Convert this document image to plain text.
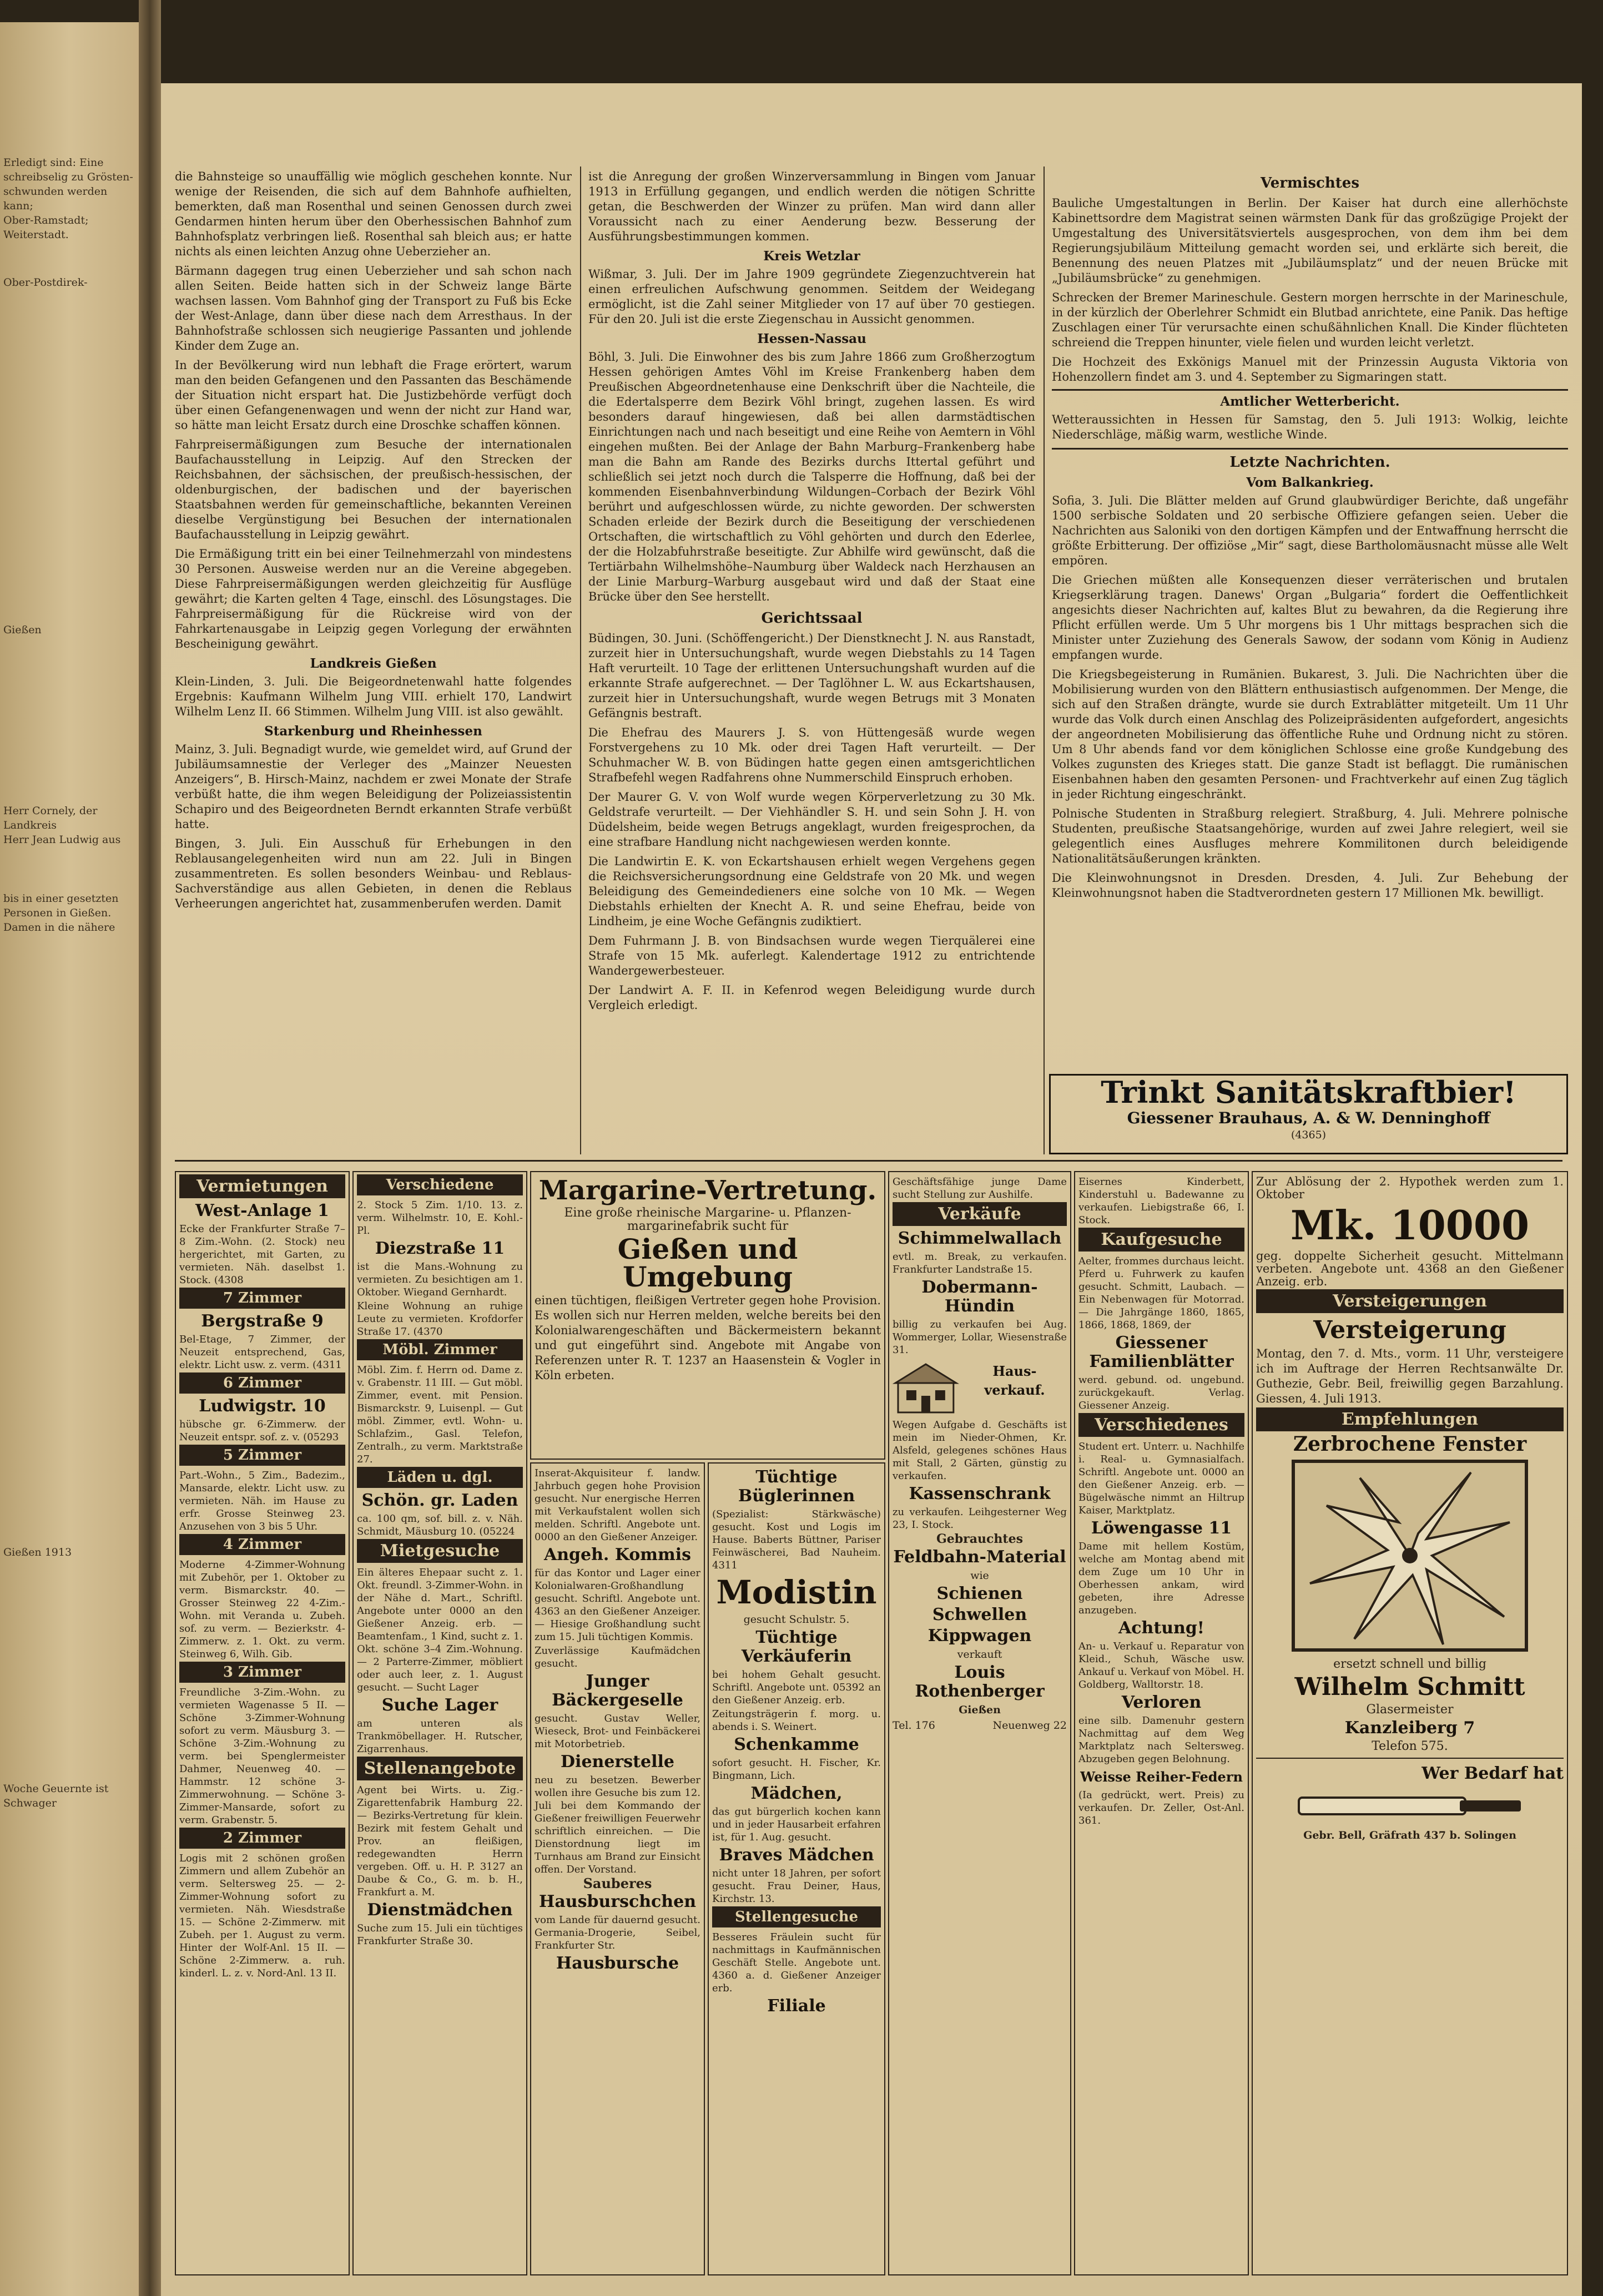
Erledigt sind: Eine
schreibselig zu Grösten-
schwunden werden kann;
Ober-Ramstadt;
Weiterstadt.
Ober-Postdirek-
Gießen
Herr Cornely, der
Landkreis
Herr Jean Ludwig aus
bis in einer gesetzten
Personen in Gießen.
Damen in die nähere
Gießen 1913
Woche Geuernte ist
Schwager

die Bahnsteige so unauffällig wie möglich geschehen konnte. Nur wenige der Reisenden, die sich auf dem Bahnhofe aufhielten, bemerkten, daß man Rosenthal und seinen Genossen durch zwei Gendarmen hinten herum über den Oberhessischen Bahnhof zum Bahnhofsplatz verbringen ließ. Rosenthal sah bleich aus; er hatte nichts als einen leichten Anzug ohne Ueberzieher an.

Bärmann dagegen trug einen Ueberzieher und sah schon nach allen Seiten. Beide hatten sich in der Schweiz lange Bärte wachsen lassen. Vom Bahnhof ging der Transport zu Fuß bis Ecke der West-Anlage, dann über diese nach dem Arresthaus. In der Bahnhofstraße schlossen sich neugierige Passanten und johlende Kinder dem Zuge an.

In der Bevölkerung wird nun lebhaft die Frage erörtert, warum man den beiden Gefangenen und den Passanten das Beschämende der Situation nicht erspart hat. Die Justizbehörde verfügt doch über einen Gefangenenwagen und wenn der nicht zur Hand war, so hätte man leicht Ersatz durch eine Droschke schaffen können.

Fahrpreisermäßigungen zum Besuche der internationalen Baufachausstellung in Leipzig. Auf den Strecken der Reichsbahnen, der sächsischen, der preußisch-hessischen, der oldenburgischen, der badischen und der bayerischen Staatsbahnen werden für gemeinschaftliche, bekannten Vereinen dieselbe Vergünstigung bei Besuchen der internationalen Baufachausstellung in Leipzig gewährt.

Die Ermäßigung tritt ein bei einer Teilnehmerzahl von mindestens 30 Personen. Ausweise werden nur an die Vereine abgegeben. Diese Fahrpreisermäßigungen werden gleichzeitig für Ausflüge gewährt; die Karten gelten 4 Tage, einschl. des Lösungstages. Die Fahrpreisermäßigung für die Rückreise wird von der Fahrkartenausgabe in Leipzig gegen Vorlegung der erwähnten Bescheinigung gewährt.

Landkreis Gießen

Klein-Linden, 3. Juli. Die Beigeordnetenwahl hatte folgendes Ergebnis: Kaufmann Wilhelm Jung VIII. erhielt 170, Landwirt Wilhelm Lenz II. 66 Stimmen. Wilhelm Jung VIII. ist also gewählt.

Starkenburg und Rheinhessen

Mainz, 3. Juli. Begnadigt wurde, wie gemeldet wird, auf Grund der Jubiläumsamnestie der Verleger des „Mainzer Neuesten Anzeigers“, B. Hirsch-Mainz, nachdem er zwei Monate der Strafe verbüßt hatte, die ihm wegen Beleidigung der Polizeiassistentin Schapiro und des Beigeordneten Berndt erkannten Strafe verbüßt hatte.

Bingen, 3. Juli. Ein Ausschuß für Erhebungen in den Reblausangelegenheiten wird nun am 22. Juli in Bingen zusammentreten. Es sollen besonders Weinbau- und Reblaus-Sachverständige aus allen Gebieten, in denen die Reblaus Verheerungen angerichtet hat, zusammenberufen werden. Damit

ist die Anregung der großen Winzerversammlung in Bingen vom Januar 1913 in Erfüllung gegangen, und endlich werden die nötigen Schritte getan, die Beschwerden der Winzer zu prüfen. Man wird dann aller Voraussicht nach zu einer Aenderung bezw. Besserung der Ausführungsbestimmungen kommen.

Kreis Wetzlar

Wißmar, 3. Juli. Der im Jahre 1909 gegründete Ziegenzuchtverein hat einen erfreulichen Aufschwung genommen. Seitdem der Weidegang ermöglicht, ist die Zahl seiner Mitglieder von 17 auf über 70 gestiegen. Für den 20. Juli ist die erste Ziegenschau in Aussicht genommen.

Hessen-Nassau

Böhl, 3. Juli. Die Einwohner des bis zum Jahre 1866 zum Großherzogtum Hessen gehörigen Amtes Vöhl im Kreise Frankenberg haben dem Preußischen Abgeordnetenhause eine Denkschrift über die Nachteile, die die Edertalsperre dem Bezirk Vöhl bringt, zugehen lassen. Es wird besonders darauf hingewiesen, daß bei allen darmstädtischen Einrichtungen nach und nach beseitigt und eine Reihe von Aemtern in Vöhl eingehen mußten. Bei der Anlage der Bahn Marburg–Frankenberg habe man die Bahn am Rande des Bezirks durchs Ittertal geführt und schließlich sei jetzt noch durch die Talsperre die Hoffnung, daß bei der kommenden Eisenbahnverbindung Wildungen–Corbach der Bezirk Vöhl berührt und aufgeschlossen würde, zu nichte geworden. Der schwersten Schaden erleide der Bezirk durch die Beseitigung der verschiedenen Ortschaften, die wirtschaftlich zu Vöhl gehörten und durch den Ederlee, der die Holzabfuhrstraße beseitigte. Zur Abhilfe wird gewünscht, daß die Tertiärbahn Wilhelmshöhe–Naumburg über Waldeck nach Herzhausen an der Linie Marburg–Warburg ausgebaut wird und daß der Staat eine Brücke über den See herstellt.

Gerichtssaal

Büdingen, 30. Juni. (Schöffengericht.) Der Dienstknecht J. N. aus Ranstadt, zurzeit hier in Untersuchungshaft, wurde wegen Diebstahls zu 14 Tagen Haft verurteilt. 10 Tage der erlittenen Untersuchungshaft wurden auf die erkannte Strafe aufgerechnet. — Der Taglöhner L. W. aus Eckartshausen, zurzeit hier in Untersuchungshaft, wurde wegen Betrugs mit 3 Monaten Gefängnis bestraft.

Die Ehefrau des Maurers J. S. von Hüttengesäß wurde wegen Forstvergehens zu 10 Mk. oder drei Tagen Haft verurteilt. — Der Schuhmacher W. B. von Büdingen hatte gegen einen amtsgerichtlichen Strafbefehl wegen Radfahrens ohne Nummerschild Einspruch erhoben.

Der Maurer G. V. von Wolf wurde wegen Körperverletzung zu 30 Mk. Geldstrafe verurteilt. — Der Viehhändler S. H. und sein Sohn J. H. von Düdelsheim, beide wegen Betrugs angeklagt, wurden freigesprochen, da eine strafbare Handlung nicht nachgewiesen werden konnte.

Die Landwirtin E. K. von Eckartshausen erhielt wegen Vergehens gegen die Reichsversicherungsordnung eine Geldstrafe von 20 Mk. und wegen Beleidigung des Gemeindedieners eine solche von 10 Mk. — Wegen Diebstahls erhielten der Knecht A. R. und seine Ehefrau, beide von Lindheim, je eine Woche Gefängnis zudiktiert.

Dem Fuhrmann J. B. von Bindsachsen wurde wegen Tierquälerei eine Strafe von 15 Mk. auferlegt. Kalendertage 1912 zu entrichtende Wandergewerbesteuer.

Der Landwirt A. F. II. in Kefenrod wegen Beleidigung wurde durch Vergleich erledigt.

Vermischtes

Bauliche Umgestaltungen in Berlin. Der Kaiser hat durch eine allerhöchste Kabinettsordre dem Magistrat seinen wärmsten Dank für das großzügige Projekt der Umgestaltung des Universitätsviertels ausgesprochen, von dem ihm bei dem Regierungsjubiläum Mitteilung gemacht worden sei, und erklärte sich bereit, die Benennung des neuen Platzes mit „Jubiläumsplatz“ und der neuen Brücke mit „Jubiläumsbrücke“ zu genehmigen.

Schrecken der Bremer Marineschule. Gestern morgen herrschte in der Marineschule, in der kürzlich der Oberlehrer Schmidt ein Blutbad anrichtete, eine Panik. Das heftige Zuschlagen einer Tür verursachte einen schußähnlichen Knall. Die Kinder flüchteten schreiend die Treppen hinunter, viele fielen und wurden leicht verletzt.

Die Hochzeit des Exkönigs Manuel mit der Prinzessin Augusta Viktoria von Hohenzollern findet am 3. und 4. September zu Sigmaringen statt.

Amtlicher Wetterbericht.

Wetteraussichten in Hessen für Samstag, den 5. Juli 1913: Wolkig, leichte Niederschläge, mäßig warm, westliche Winde.

Letzte Nachrichten.
Vom Balkankrieg.

Sofia, 3. Juli. Die Blätter melden auf Grund glaubwürdiger Berichte, daß ungefähr 1500 serbische Soldaten und 20 serbische Offiziere gefangen seien. Ueber die Nachrichten aus Saloniki von den dortigen Kämpfen und der Entwaffnung herrscht die größte Erbitterung. Der offiziöse „Mir“ sagt, diese Bartholomäusnacht müsse alle Welt empören.

Die Griechen müßten alle Konsequenzen dieser verräterischen und brutalen Kriegserklärung tragen. Danews' Organ „Bulgaria“ fordert die Oeffentlichkeit angesichts dieser Nachrichten auf, kaltes Blut zu bewahren, da die Regierung ihre Pflicht erfüllen werde. Um 5 Uhr morgens bis 1 Uhr mittags besprachen sich die Minister unter Zuziehung des Generals Sawow, der sodann vom König in Audienz empfangen wurde.

Die Kriegsbegeisterung in Rumänien. Bukarest, 3. Juli. Die Nachrichten über die Mobilisierung wurden von den Blättern enthusiastisch aufgenommen. Der Menge, die sich auf den Straßen drängte, wurde sie durch Extrablätter mitgeteilt. Um 11 Uhr wurde das Volk durch einen Anschlag des Polizeipräsidenten aufgefordert, angesichts der angeordneten Mobilisierung das öffentliche Ruhe und Ordnung nicht zu stören. Um 8 Uhr abends fand vor dem königlichen Schlosse eine große Kundgebung des Volkes zugunsten des Krieges statt. Die ganze Stadt ist beflaggt. Die rumänischen Eisenbahnen haben den gesamten Personen- und Frachtverkehr auf einen Zug täglich in jeder Richtung eingeschränkt.

Polnische Studenten in Straßburg relegiert. Straßburg, 4. Juli. Mehrere polnische Studenten, preußische Staatsangehörige, wurden auf zwei Jahre relegiert, weil sie gelegentlich eines Ausfluges mehrere Kommilitonen durch beleidigende Nationalitätsäußerungen kränkten.

Die Kleinwohnungsnot in Dresden. Dresden, 4. Juli. Zur Behebung der Kleinwohnungsnot haben die Stadtverordneten gestern 17 Millionen Mk. bewilligt.

Trinkt Sanitätskraftbier!
Giessener Brauhaus, A. & W. Denninghoff
(4365)
Vermietungen
West-Anlage 1
Ecke der Frankfurter Straße 7–8 Zim.-Wohn. (2. Stock) neu hergerichtet, mit Garten, zu vermieten. Näh. daselbst 1. Stock. (4308
7 Zimmer
Bergstraße 9
Bel-Etage, 7 Zimmer, der Neuzeit entsprechend, Gas, elektr. Licht usw. z. verm. (4311
6 Zimmer
Ludwigstr. 10
hübsche gr. 6-Zimmerw. der Neuzeit entspr. sof. z. v. (05293
5 Zimmer
Part.-Wohn., 5 Zim., Badezim., Mansarde, elektr. Licht usw. zu vermieten. Näh. im Hause zu erfr. Grosse Steinweg 23. Anzusehen von 3 bis 5 Uhr.
4 Zimmer
Moderne 4-Zimmer-Wohnung mit Zubehör, per 1. Oktober zu verm. Bismarckstr. 40. — Grosser Steinweg 22 4-Zim.-Wohn. mit Veranda u. Zubeh. sof. zu verm. — Bezierkstr. 4-Zimmerw. z. 1. Okt. zu verm. Steinweg 6, Wilh. Gib.
3 Zimmer
Freundliche 3-Zim.-Wohn. zu vermieten Wagenasse 5 II. — Schöne 3-Zimmer-Wohnung sofort zu verm. Mäusburg 3. — Schöne 3-Zim.-Wohnung zu verm. bei Spenglermeister Dahmer, Neuenweg 40. — Hammstr. 12 schöne 3-Zimmerwohnung. — Schöne 3-Zimmer-Mansarde, sofort zu verm. Grabenstr. 5.
2 Zimmer
Logis mit 2 schönen großen Zimmern und allem Zubehör an verm. Seltersweg 25. — 2-Zimmer-Wohnung sofort zu vermieten. Näh. Wiesdstraße 15. — Schöne 2-Zimmerw. mit Zubeh. per 1. August zu verm. Hinter der Wolf-Anl. 15 II. — Schöne 2-Zimmerw. a. ruh. kinderl. L. z. v. Nord-Anl. 13 II.
Verschiedene
2. Stock 5 Zim. 1/10. 13. z. verm. Wilhelmstr. 10, E. Kohl.-Pl.
Diezstraße 11
ist die Mans.-Wohnung zu vermieten. Zu besichtigen am 1. Oktober. Wiegand Gernhardt.
Kleine Wohnung an ruhige Leute zu vermieten. Krofdorfer Straße 17. (4370
Möbl. Zimmer
Möbl. Zim. f. Herrn od. Dame z. v. Grabenstr. 11 III. — Gut möbl. Zimmer, event. mit Pension. Bismarckstr. 9, Luisenpl. — Gut möbl. Zimmer, evtl. Wohn- u. Schlafzim., Gasl. Telefon, Zentralh., zu verm. Marktstraße 27.
Läden u. dgl.
Schön. gr. Laden
ca. 100 qm, sof. bill. z. v. Näh. Schmidt, Mäusburg 10. (05224
Mietgesuche
Ein älteres Ehepaar sucht z. 1. Okt. freundl. 3-Zimmer-Wohn. in der Nähe d. Mart., Schriftl. Angebote unter 0000 an den Gießener Anzeig. erb. — Beamtenfam., 1 Kind, sucht z. 1. Okt. schöne 3–4 Zim.-Wohnung. — 2 Parterre-Zimmer, möbliert oder auch leer, z. 1. August gesucht. — Sucht Lager
Suche Lager
am unteren als Trankmöbellager. H. Rutscher, Zigarrenhaus.
Stellenangebote
Agent bei Wirts. u. Zig.-Zigarettenfabrik Hamburg 22. — Bezirks-Vertretung für klein. Bezirk mit festem Gehalt und Prov. an fleißigen, redegewandten Herrn vergeben. Off. u. H. P. 3127 an Daube & Co., G. m. b. H., Frankfurt a. M.
Dienstmädchen
Suche zum 15. Juli ein tüchtiges Frankfurter Straße 30.
Margarine-Vertretung.
Eine große rheinische Margarine- u. Pflanzen-margarinefabrik sucht für
Gießen und Umgebung
einen tüchtigen, fleißigen Vertreter gegen hohe Provision. Es wollen sich nur Herren melden, welche bereits bei den Kolonialwarengeschäften und Bäckermeistern bekannt und gut eingeführt sind. Angebote mit Angabe von Referenzen unter R. T. 1237 an Haasenstein & Vogler in Köln erbeten.
Inserat-Akquisiteur f. landw. Jahrbuch gegen hohe Provision gesucht. Nur energische Herren mit Verkaufstalent wollen sich melden. Schriftl. Angebote unt. 0000 an den Gießener Anzeiger.
Angeh. Kommis
für das Kontor und Lager einer Kolonialwaren-Großhandlung gesucht. Schriftl. Angebote unt. 4363 an den Gießener Anzeiger. — Hiesige Großhandlung sucht zum 15. Juli tüchtigen Kommis.
Zuverlässige Kaufmädchen gesucht.
Junger Bäckergeselle
gesucht. Gustav Weller, Wieseck, Brot- und Feinbäckerei mit Motorbetrieb.
Dienerstelle
neu zu besetzen. Bewerber wollen ihre Gesuche bis zum 12. Juli bei dem Kommando der Gießener freiwilligen Feuerwehr schriftlich einreichen. — Die Dienstordnung liegt im Turnhaus am Brand zur Einsicht offen. Der Vorstand.
Sauberes
Hausburschchen
vom Lande für dauernd gesucht. Germania-Drogerie, Seibel, Frankfurter Str.
Hausbursche
Tüchtige Büglerinnen
(Spezialist: Stärkwäsche) gesucht. Kost und Logis im Hause. Baberts Büttner, Pariser Feinwäscherei, Bad Nauheim. 4311
Modistin
gesucht Schulstr. 5.
Tüchtige Verkäuferin
bei hohem Gehalt gesucht. Schriftl. Angebote unt. 05392 an den Gießener Anzeig. erb.
Zeitungsträgerin f. morg. u. abends i. S. Weinert.
Schenkamme
sofort gesucht. H. Fischer, Kr. Bingmann, Lich.
Mädchen,
das gut bürgerlich kochen kann und in jeder Hausarbeit erfahren ist, für 1. Aug. gesucht.
Braves Mädchen
nicht unter 18 Jahren, per sofort gesucht. Frau Deiner, Haus, Kirchstr. 13.
Stellengesuche
Besseres Fräulein sucht für nachmittags in Kaufmännischen Geschäft Stelle. Angebote unt. 4360 a. d. Gießener Anzeiger erb.
Filiale
Geschäftsfähige junge Dame sucht Stellung zur Aushilfe.
Verkäufe
Schimmelwallach
evtl. m. Break, zu verkaufen. Frankfurter Landstraße 15.
Dobermann-Hündin
billig zu verkaufen bei Aug. Wommerger, Lollar, Wiesenstraße 31.
Haus-verkauf.
Wegen Aufgabe d. Geschäfts ist mein im Nieder-Ohmen, Kr. Alsfeld, gelegenes schönes Haus mit Stall, 2 Gärten, günstig zu verkaufen.
Kassenschrank
zu verkaufen. Leihgesterner Weg 23, I. Stock.
Gebrauchtes
Feldbahn-Material
wie
Schienen
Schwellen
Kippwagen
verkauft
Louis Rothenberger
Gießen
Tel. 176	Neuenweg 22
Eisernes Kinderbett, Kinderstuhl u. Badewanne zu verkaufen. Liebigstraße 66, I. Stock.
Kaufgesuche
Aelter, frommes durchaus leicht. Pferd u. Fuhrwerk zu kaufen gesucht. Schmitt, Laubach. — Ein Nebenwagen für Motorrad. — Die Jahrgänge 1860, 1865, 1866, 1868, 1869, der
Giessener Familienblätter
werd. gebund. od. ungebund. zurückgekauft. Verlag. Giessener Anzeig.
Verschiedenes
Student ert. Unterr. u. Nachhilfe i. Real- u. Gymnasialfach. Schriftl. Angebote unt. 0000 an den Gießener Anzeig. erb. — Bügelwäsche nimmt an Hiltrup Kaiser, Marktplatz.
Löwengasse 11
Dame mit hellem Kostüm, welche am Montag abend mit dem Zuge um 10 Uhr in Oberhessen ankam, wird gebeten, ihre Adresse anzugeben.
Achtung!
An- u. Verkauf u. Reparatur von Kleid., Schuh, Wäsche usw. Ankauf u. Verkauf von Möbel. H. Goldberg, Walltorstr. 18.
Verloren
eine silb. Damenuhr gestern Nachmittag auf dem Weg Marktplatz nach Seltersweg. Abzugeben gegen Belohnung.
Weisse Reiher-Federn
(Ia gedrückt, wert. Preis) zu verkaufen. Dr. Zeller, Ost-Anl. 361.
Zur Ablösung der 2. Hypothek werden zum 1. Oktober
Mk. 10000
geg. doppelte Sicherheit gesucht. Mittelmann verbeten. Angebote unt. 4368 an den Gießener Anzeig. erb.
Versteigerungen
Versteigerung
Montag, den 7. d. Mts., vorm. 11 Uhr, versteigere ich im Auftrage der Herren Rechtsanwälte Dr. Guthezie, Gebr. Beil, freiwillig gegen Barzahlung. Giessen, 4. Juli 1913.
Empfehlungen
Zerbrochene Fenster
ersetzt schnell und billig
Wilhelm Schmitt
Glasermeister
Kanzleiberg 7
Telefon 575.
Wer Bedarf hat
Gebr. Bell, Gräfrath 437 b. Solingen
